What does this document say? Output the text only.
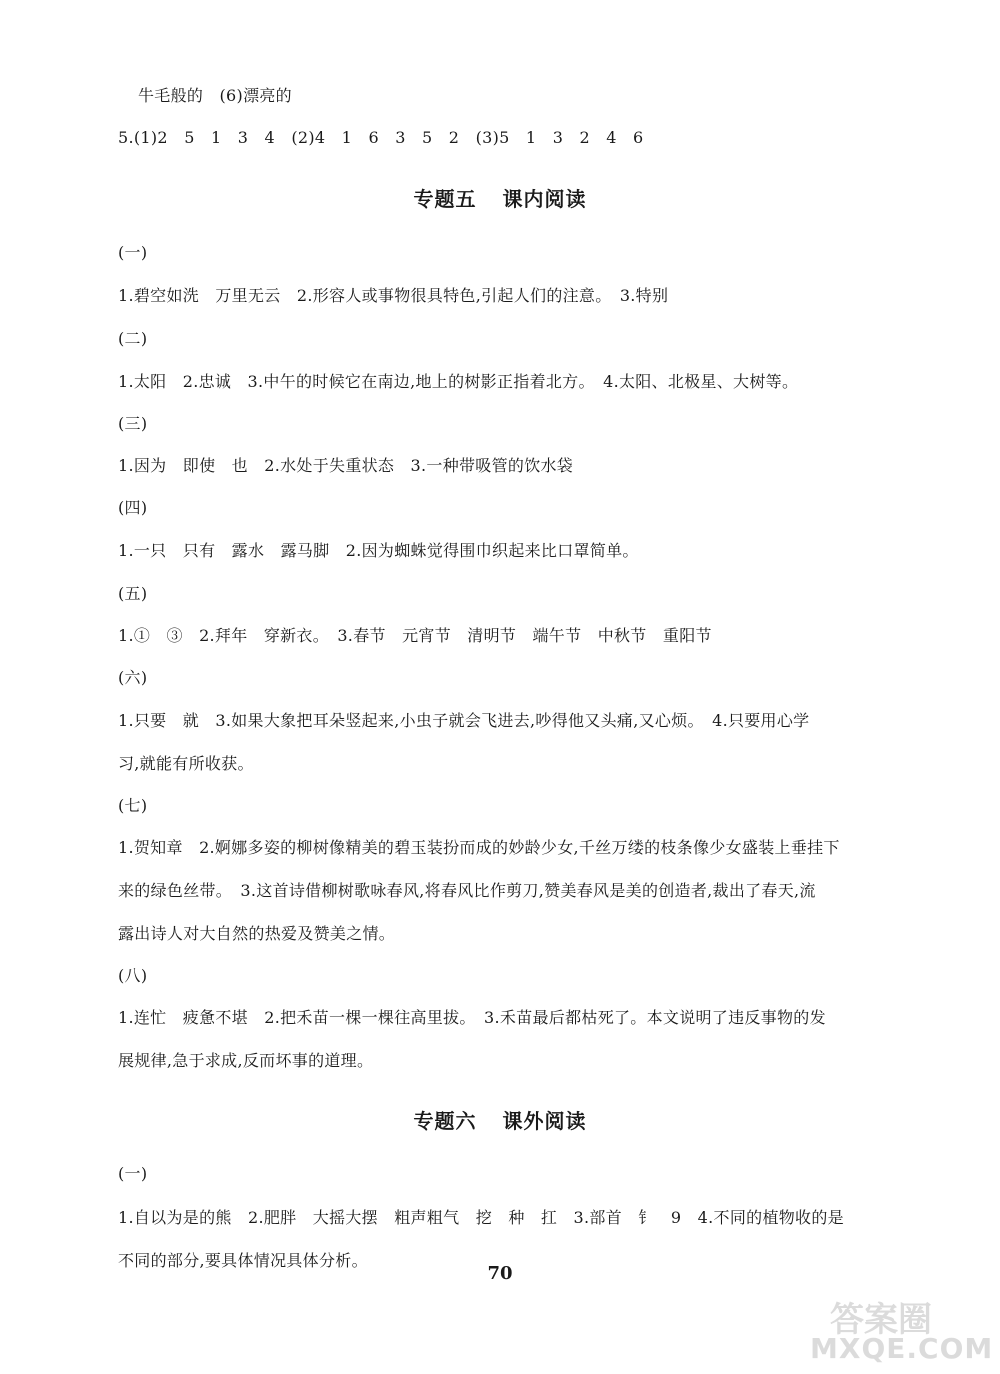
牛毛般的　(6)漂亮的
5.(1)2　5　1　3　4　(2)4　1　6　3　5　2　(3)5　1　3　2　4　6
专题五 课内阅读
(一)
1.碧空如洗　万里无云　2.形容人或事物很具特色,引起人们的注意。　3.特别
(二)
1.太阳　2.忠诚　3.中午的时候它在南边,地上的树影正指着北方。　4.太阳、北极星、大树等。
(三)
1.因为　即使　也　2.水处于失重状态　3.一种带吸管的饮水袋
(四)
1.一只　只有　露水　露马脚　2.因为蜘蛛觉得围巾织起来比口罩简单。
(五)
1.①　③　2.拜年　穿新衣。　3.春节　元宵节　清明节　端午节　中秋节　重阳节
(六)
1.只要　就　3.如果大象把耳朵竖起来,小虫子就会飞进去,吵得他又头痛,又心烦。　4.只要用心学
习,就能有所收获。
(七)
1.贺知章　2.婀娜多姿的柳树像精美的碧玉装扮而成的妙龄少女,千丝万缕的枝条像少女盛装上垂挂下
来的绿色丝带。　3.这首诗借柳树歌咏春风,将春风比作剪刀,赞美春风是美的创造者,裁出了春天,流
露出诗人对大自然的热爱及赞美之情。
(八)
1.连忙　疲惫不堪　2.把禾苗一棵一棵往高里拔。　3.禾苗最后都枯死了。本文说明了违反事物的发
展规律,急于求成,反而坏事的道理。
专题六 课外阅读
(一)
1.自以为是的熊　2.肥胖　大摇大摆　粗声粗气　挖　种　扛　3.部首　钅　9　4.不同的植物收的是
不同的部分,要具体情况具体分析。
70
答案圈
MXQE.COM
